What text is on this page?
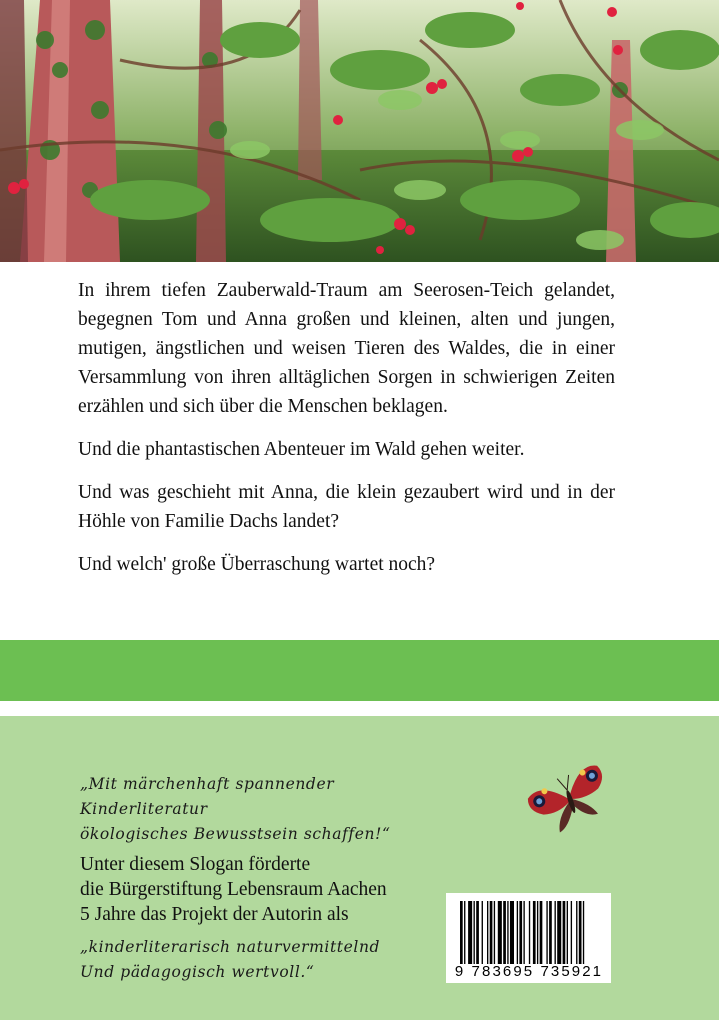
In ihrem tiefen Zauberwald-Traum am Seerosen-Teich gelandet, begegnen Tom und Anna großen und kleinen, alten und jungen, mutigen, ängstlichen und weisen Tieren des Waldes, die in einer Versammlung von ihren alltäglichen Sorgen in schwierigen Zeiten erzählen und sich über die Menschen beklagen.

Und die phantastischen Abenteuer im Wald gehen weiter.

Und was geschieht mit Anna, die klein gezaubert wird und in der Höhle von Familie Dachs landet?

Und welch' große Überraschung wartet noch?

„Mit märchenhaft spannender
Kinderliteratur
ökologisches Bewusstsein schaffen!“
Unter diesem Slogan förderte
die Bürgerstiftung Lebensraum Aachen
5 Jahre das Projekt der Autorin als
„kinderliterarisch naturvermittelnd
Und pädagogisch wertvoll.“	9 783695 735921
